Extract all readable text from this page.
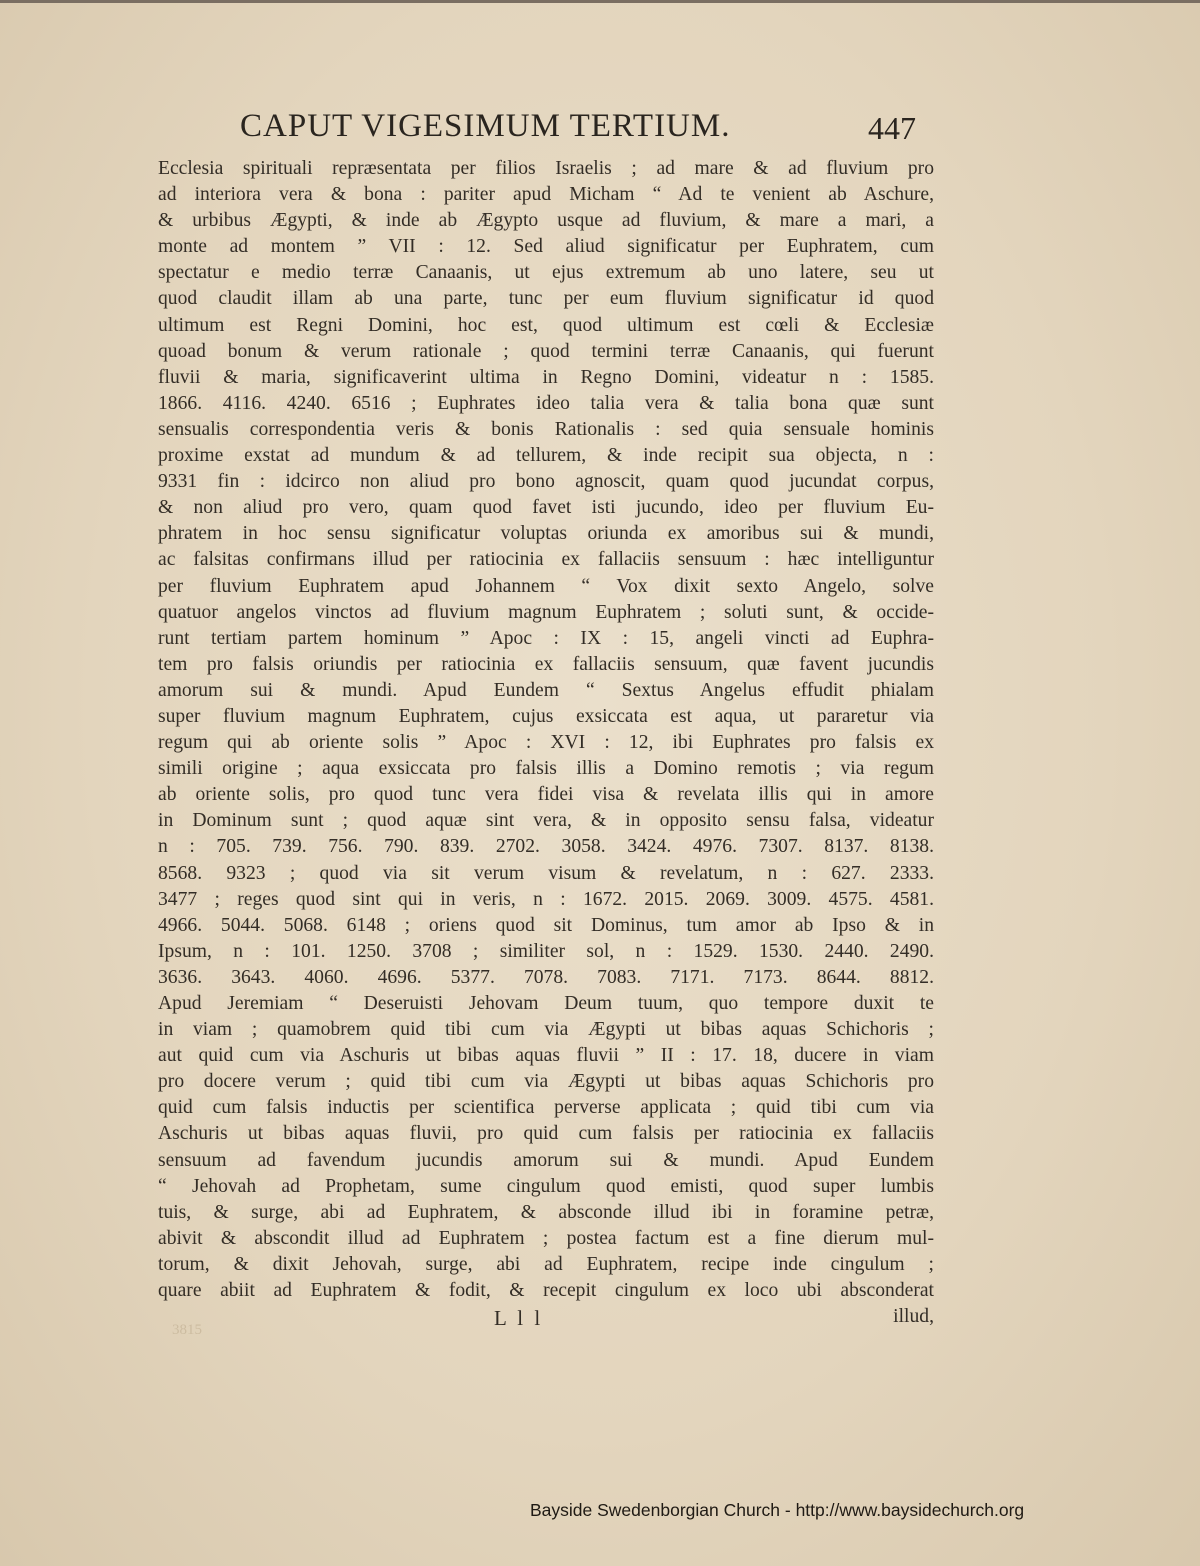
CAPUT VIGESIMUM TERTIUM.	447
Ecclesia spirituali repræsentata per filios Israelis ; ad mare & ad fluvium pro
ad interiora vera & bona : pariter apud Micham “ Ad te venient ab Aschure,
& urbibus Ægypti, & inde ab Ægypto usque ad fluvium, & mare a mari, a
monte ad montem ” VII : 12. Sed aliud significatur per Euphratem, cum
spectatur e medio terræ Canaanis, ut ejus extremum ab uno latere, seu ut
quod claudit illam ab una parte, tunc per eum fluvium significatur id quod
ultimum est Regni Domini, hoc est, quod ultimum est cœli & Ecclesiæ
quoad bonum & verum rationale ; quod termini terræ Canaanis, qui fuerunt
fluvii & maria, significaverint ultima in Regno Domini, videatur n : 1585.
1866. 4116. 4240. 6516 ; Euphrates ideo talia vera & talia bona quæ sunt
sensualis correspondentia veris & bonis Rationalis : sed quia sensuale hominis
proxime exstat ad mundum & ad tellurem, & inde recipit sua objecta, n :
9331 fin : idcirco non aliud pro bono agnoscit, quam quod jucundat corpus,
& non aliud pro vero, quam quod favet isti jucundo, ideo per fluvium Eu-
phratem in hoc sensu significatur voluptas oriunda ex amoribus sui & mundi,
ac falsitas confirmans illud per ratiocinia ex fallaciis sensuum : hæc intelliguntur
per fluvium Euphratem apud Johannem “ Vox dixit sexto Angelo, solve
quatuor angelos vinctos ad fluvium magnum Euphratem ; soluti sunt, & occide-
runt tertiam partem hominum ” Apoc : IX : 15, angeli vincti ad Euphra-
tem pro falsis oriundis per ratiocinia ex fallaciis sensuum, quæ favent jucundis
amorum sui & mundi. Apud Eundem “ Sextus Angelus effudit phialam
super fluvium magnum Euphratem, cujus exsiccata est aqua, ut pararetur via
regum qui ab oriente solis ” Apoc : XVI : 12, ibi Euphrates pro falsis ex
simili origine ; aqua exsiccata pro falsis illis a Domino remotis ; via regum
ab oriente solis, pro quod tunc vera fidei visa & revelata illis qui in amore
in Dominum sunt ; quod aquæ sint vera, & in opposito sensu falsa, videatur
n : 705. 739. 756. 790. 839. 2702. 3058. 3424. 4976. 7307. 8137. 8138.
8568. 9323 ; quod via sit verum visum & revelatum, n : 627. 2333.
3477 ; reges quod sint qui in veris, n : 1672. 2015. 2069. 3009. 4575. 4581.
4966. 5044. 5068. 6148 ; oriens quod sit Dominus, tum amor ab Ipso & in
Ipsum, n : 101. 1250. 3708 ; similiter sol, n : 1529. 1530. 2440. 2490.
3636. 3643. 4060. 4696. 5377. 7078. 7083. 7171. 7173. 8644. 8812.
Apud Jeremiam “ Deseruisti Jehovam Deum tuum, quo tempore duxit te
in viam ; quamobrem quid tibi cum via Ægypti ut bibas aquas Schichoris ;
aut quid cum via Aschuris ut bibas aquas fluvii ” II : 17. 18, ducere in viam
pro docere verum ; quid tibi cum via Ægypti ut bibas aquas Schichoris pro
quid cum falsis inductis per scientifica perverse applicata ; quid tibi cum via
Aschuris ut bibas aquas fluvii, pro quid cum falsis per ratiocinia ex fallaciis
sensuum ad favendum jucundis amorum sui & mundi. Apud Eundem
“ Jehovah ad Prophetam, sume cingulum quod emisti, quod super lumbis
tuis, & surge, abi ad Euphratem, & absconde illud ibi in foramine petræ,
abivit & abscondit illud ad Euphratem ; postea factum est a fine dierum mul-
torum, & dixit Jehovah, surge, abi ad Euphratem, recipe inde cingulum ;
quare abiit ad Euphratem & fodit, & recepit cingulum ex loco ubi absconderat
L l l	illud,
3815
Bayside Swedenborgian Church - http://www.baysidechurch.org
